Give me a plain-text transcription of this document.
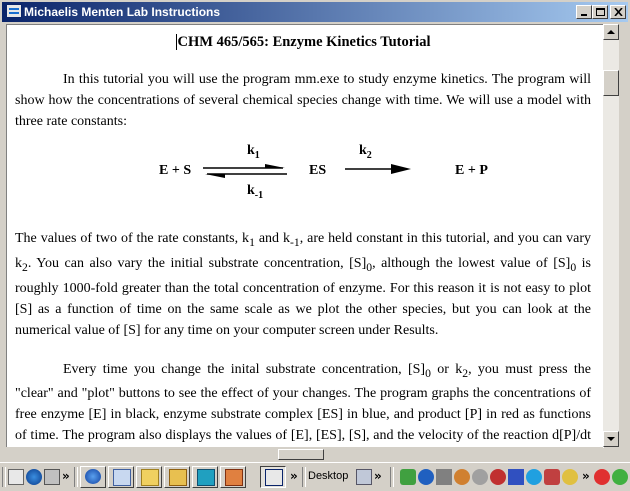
Michaelis Menten Lab Instructions
CHM 465/565: Enzyme Kinetics Tutorial

In this tutorial you will use the program mm.exe to study enzyme kinetics. The program will show how the concentrations of several chemical species change with time. We will use a model with three rate constants:

E + S
$k_1$
$k_{-1}$
ES
$k_2$
E + P

The values of two of the rate constants, $k_1$ and $k_{-1}$, are held constant in this tutorial, and you can vary $k_2$. You can also vary the initial substrate concentration, $[S]_0$, although the lowest value of $[S]_0$ is roughly 1000-fold greater than the total concentration of enzyme. For this reason it is not easy to plot [S] as a function of time on the same scale as we plot the other species, but you can look at the numerical value of [S] for any time on your computer screen under Results.

Every time you change the inital substrate concentration, $[S]_0$ or $k_2$, you must press the "clear" and "plot" buttons to see the effect of your changes. The program graphs the concentrations of free enzyme [E] in black, enzyme substrate complex [ES] in blue, and product [P] in red as functions of time. The program also displays the values of [E], [ES], [S], and the velocity of the reaction d[P]/dt

»	» Desktop »	»
